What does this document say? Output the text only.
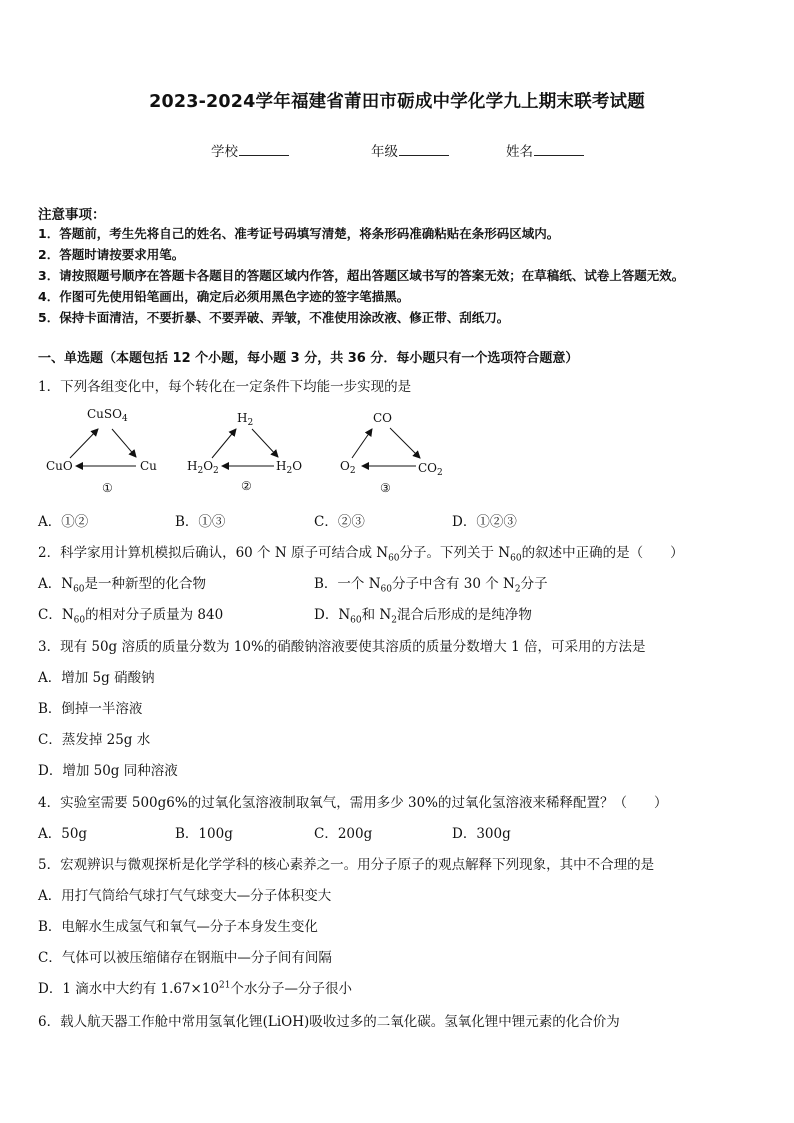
2023-2024学年福建省莆田市砺成中学化学九上期末联考试题
学校	年级	姓名
注意事项：
1．答题前，考生先将自己的姓名、准考证号码填写清楚，将条形码准确粘贴在条形码区域内。
2．答题时请按要求用笔。
3．请按照题号顺序在答题卡各题目的答题区域内作答，超出答题区域书写的答案无效；在草稿纸、试卷上答题无效。
4．作图可先使用铅笔画出，确定后必须用黑色字迹的签字笔描黑。
5．保持卡面清洁，不要折暴、不要弄破、弄皱，不准使用涂改液、修正带、刮纸刀。
一、单选题（本题包括 12 个小题，每小题 3 分，共 36 分．每小题只有一个选项符合题意）
1．下列各组变化中，每个转化在一定条件下均能一步实现的是
CuSO$_4$
CuO	Cu
①
$H_2$
$H_2O_2$	$H_2O$
②
CO
$O_2$	$CO_2$
③
A．①②	B．①③	C．②③	D．①②③
2．科学家用计算机模拟后确认，60 个 N 原子可结合成 $N_{60}$分子。下列关于 $N_{60}$的叙述中正确的是（　　）
A．$N_{60}$是一种新型的化合物	B．一个 $N_{60}$分子中含有 30 个 $N_2$分子
C．$N_{60}$的相对分子质量为 840	D．$N_{60}$和 $N_2$混合后形成的是纯净物
3．现有 50g 溶质的质量分数为 10%的硝酸钠溶液要使其溶质的质量分数增大 1 倍，可采用的方法是
A．增加 5g 硝酸钠
B．倒掉一半溶液
C．蒸发掉 25g 水
D．增加 50g 同种溶液
4．实验室需要 500g6%的过氧化氢溶液制取氧气，需用多少 30%的过氧化氢溶液来稀释配置？（　　）
A．50g	B．100g	C．200g	D．300g
5．宏观辨识与微观探析是化学学科的核心素养之一。用分子原子的观点解释下列现象，其中不合理的是
A．用打气筒给气球打气气球变大—分子体积变大
B．电解水生成氢气和氧气—分子本身发生变化
C．气体可以被压缩储存在钢瓶中—分子间有间隔
D．1 滴水中大约有 $1.67\times 10^{21}$个水分子—分子很小
6．载人航天器工作舱中常用氢氧化锂(LiOH)吸收过多的二氧化碳。氢氧化锂中锂元素的化合价为
